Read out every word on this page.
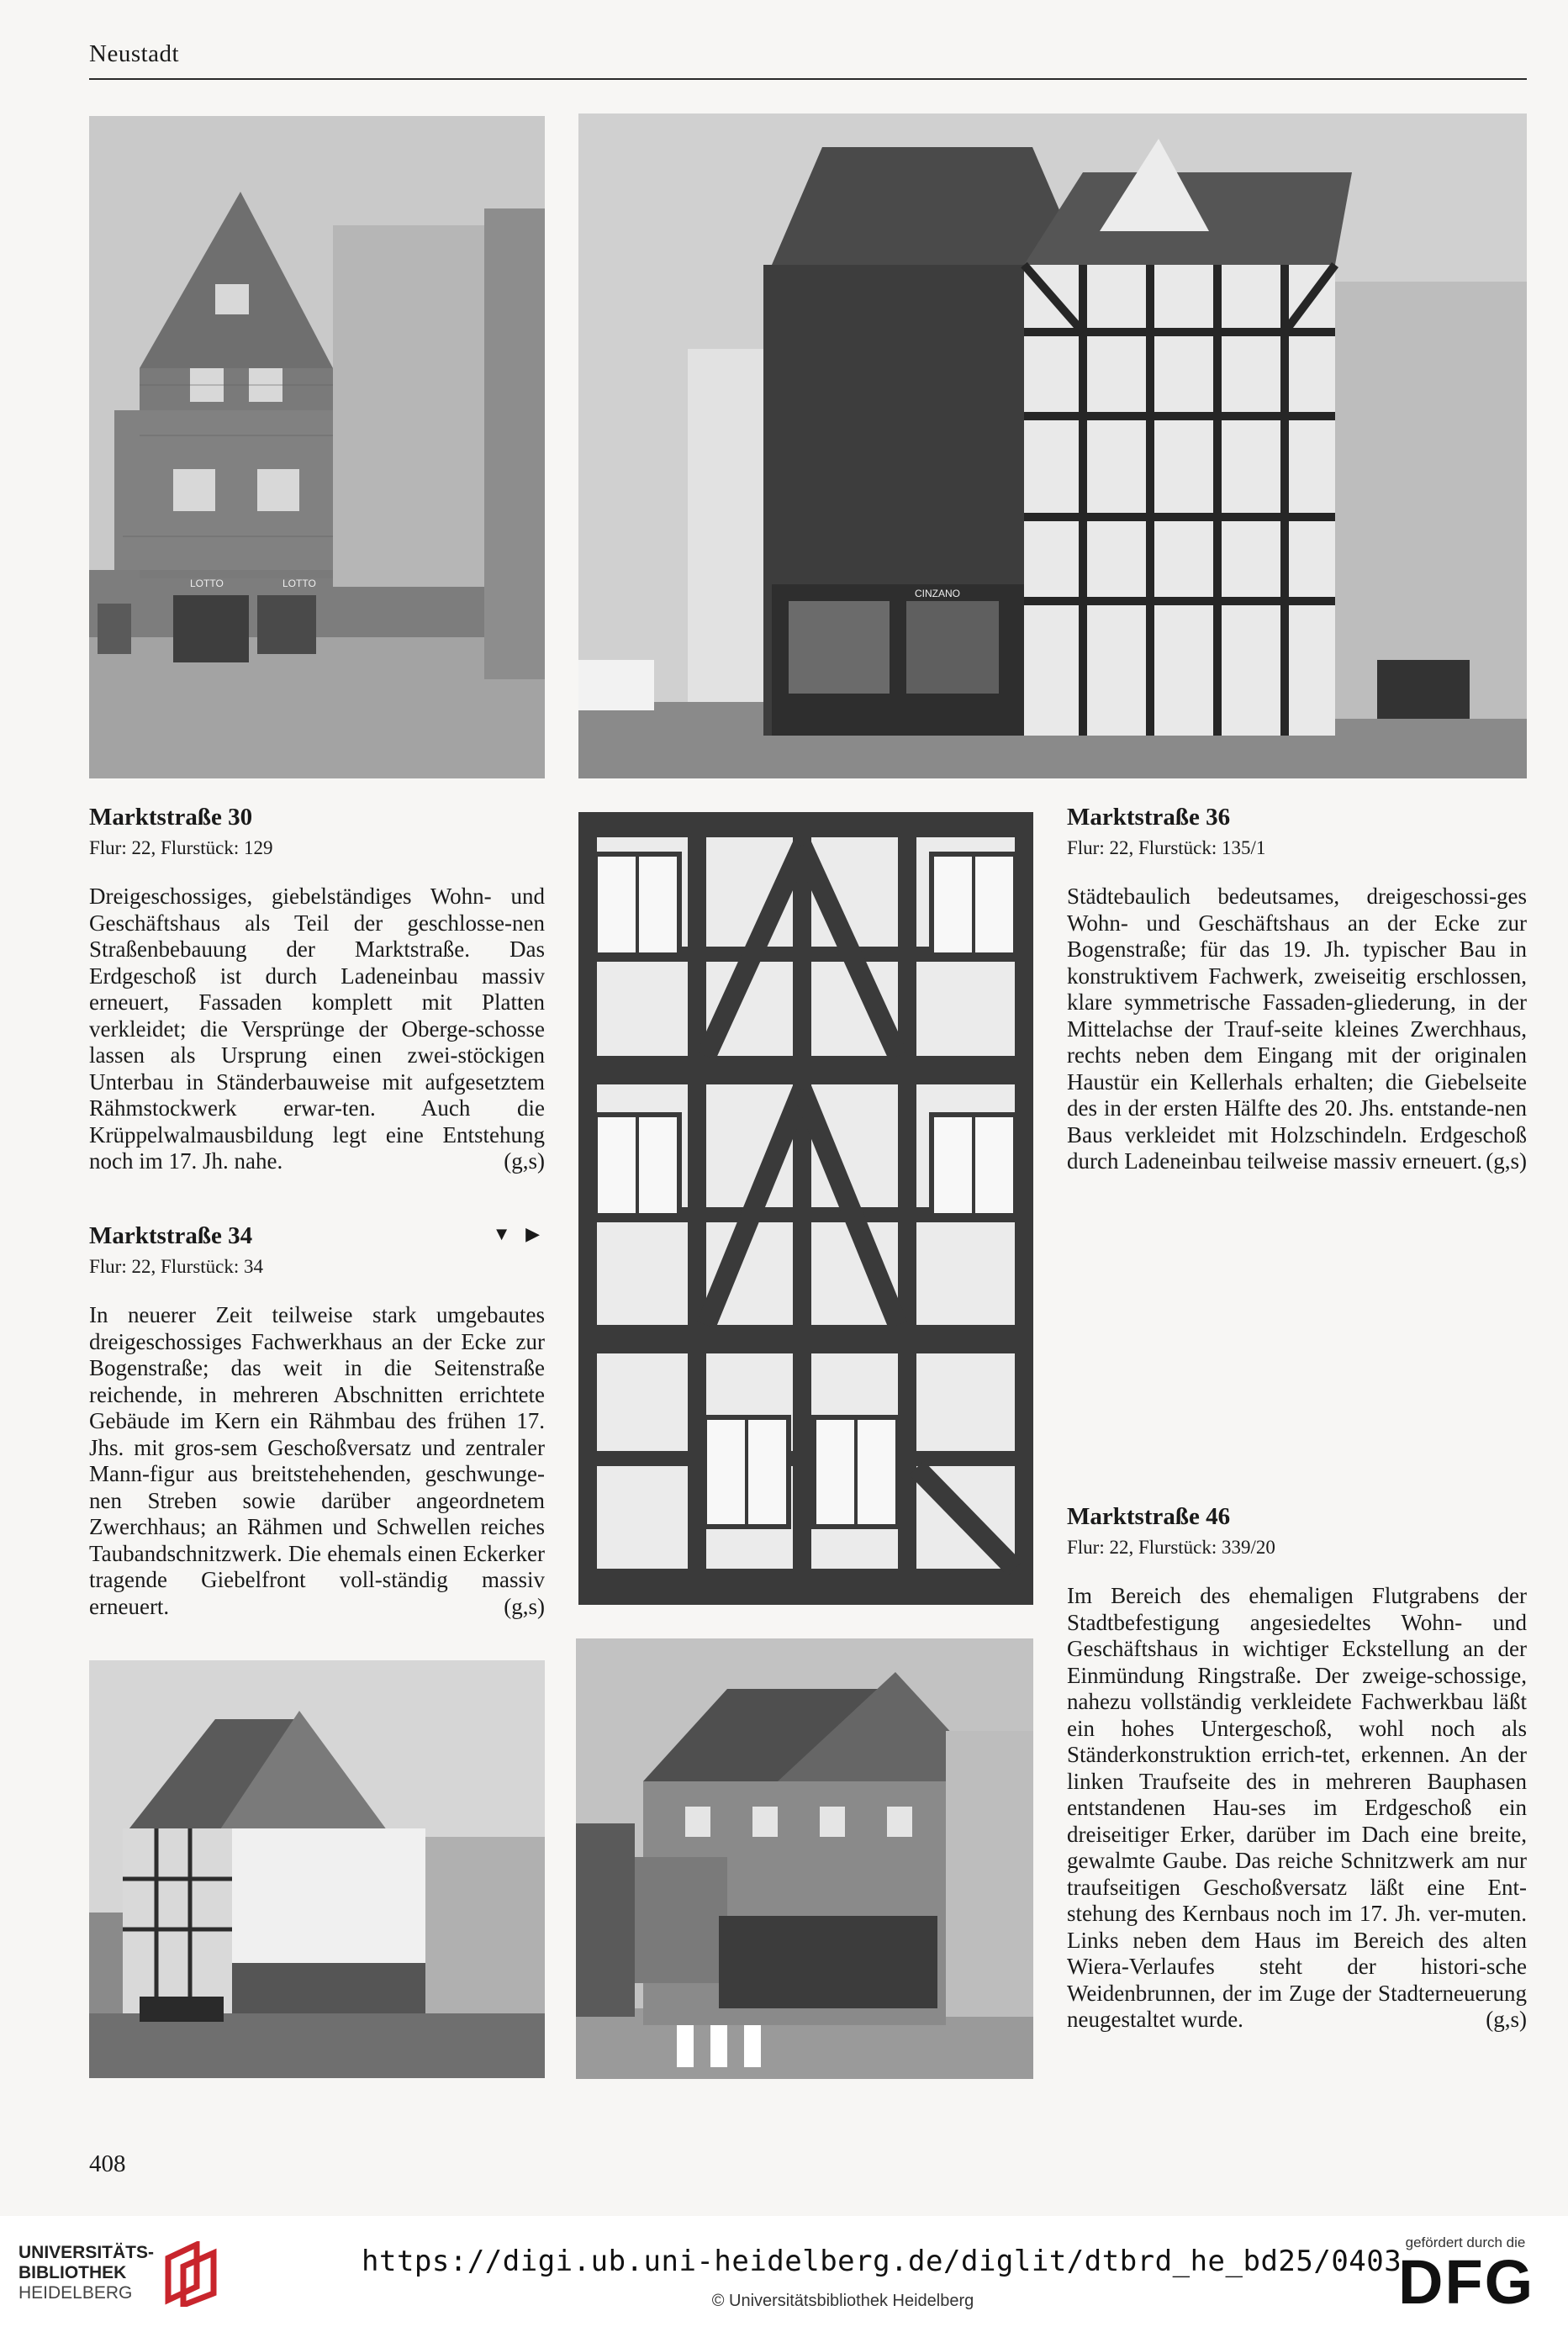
Neustadt
LOTTO	LOTTO
CINZANO
Marktstraße 30
Flur: 22, Flurstück: 129
Dreigeschossiges, giebelständiges Wohn- und Geschäftshaus als Teil der geschlosse-nen Straßenbebauung der Marktstraße. Das Erdgeschoß ist durch Ladeneinbau massiv erneuert, Fassaden komplett mit Platten verkleidet; die Versprünge der Oberge-schosse lassen als Ursprung einen zwei-stöckigen Unterbau in Ständerbauweise mit aufgesetztem Rähmstockwerk erwar-ten. Auch die Krüppelwalmausbildung legt eine Entstehung noch im 17. Jh. nahe.	(g,s)
Marktstraße 34	▼ ▶
Flur: 22, Flurstück: 34
In neuerer Zeit teilweise stark umgebautes dreigeschossiges Fachwerkhaus an der Ecke zur Bogenstraße; das weit in die Seitenstraße reichende, in mehreren Abschnitten errichtete Gebäude im Kern ein Rähmbau des frühen 17. Jhs. mit gros-sem Geschoßversatz und zentraler Mann-figur aus breitstehehenden, geschwunge-nen Streben sowie darüber angeordnetem Zwerchhaus; an Rähmen und Schwellen reiches Taubandschnitzwerk. Die ehemals einen Eckerker tragende Giebelfront voll-ständig massiv erneuert.	(g,s)
Marktstraße 36
Flur: 22, Flurstück: 135/1
Städtebaulich bedeutsames, dreigeschossi-ges Wohn- und Geschäftshaus an der Ecke zur Bogenstraße; für das 19. Jh. typischer Bau in konstruktivem Fachwerk, zweiseitig erschlossen, klare symmetrische Fassaden-gliederung, in der Mittelachse der Trauf-seite kleines Zwerchhaus, rechts neben dem Eingang mit der originalen Haustür ein Kellerhals erhalten; die Giebelseite des in der ersten Hälfte des 20. Jhs. entstande-nen Baus verkleidet mit Holzschindeln. Erdgeschoß durch Ladeneinbau teilweise massiv erneuert. (g,s)
Marktstraße 46
Flur: 22, Flurstück: 339/20
Im Bereich des ehemaligen Flutgrabens der Stadtbefestigung angesiedeltes Wohn- und Geschäftshaus in wichtiger Eckstellung an der Einmündung Ringstraße. Der zweige-schossige, nahezu vollständig verkleidete Fachwerkbau läßt ein hohes Untergeschoß, wohl noch als Ständerkonstruktion errich-tet, erkennen. An der linken Traufseite des in mehreren Bauphasen entstandenen Hau-ses im Erdgeschoß ein dreiseitiger Erker, darüber im Dach eine breite, gewalmte Gaube. Das reiche Schnitzwerk am nur traufseitigen Geschoßversatz läßt eine Ent-stehung des Kernbaus noch im 17. Jh. ver-muten. Links neben dem Haus im Bereich des alten Wiera-Verlaufes steht der histori-sche Weidenbrunnen, der im Zuge der Stadterneuerung neugestaltet wurde.	(g,s)
408
UNIVERSITÄTS-
BIBLIOTHEK
HEIDELBERG
https://digi.ub.uni-heidelberg.de/diglit/dtbrd_he_bd25/0403
© Universitätsbibliothek Heidelberg
gefördert durch die
DFG
